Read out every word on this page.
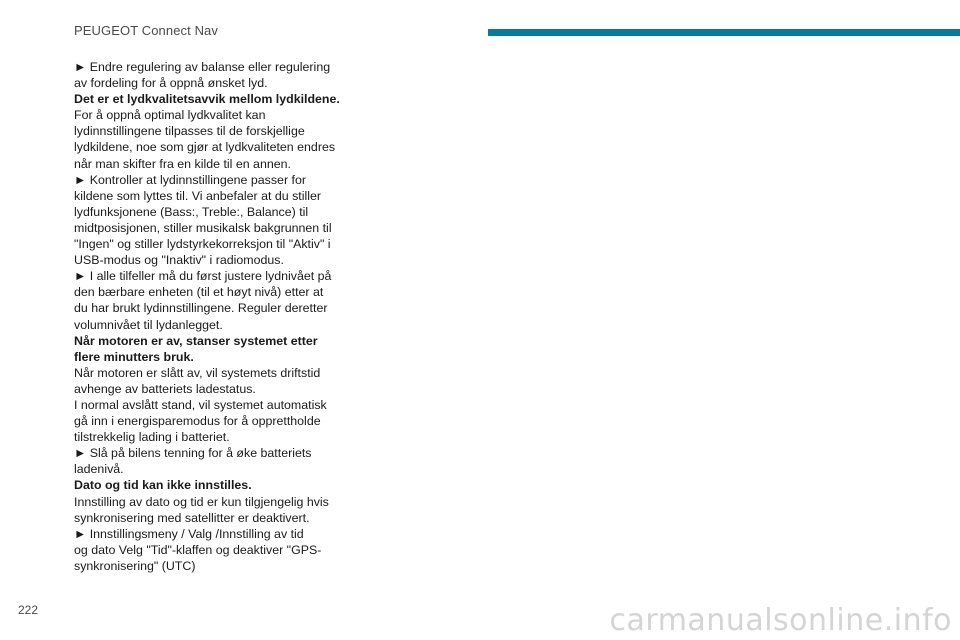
PEUGEOT Connect Nav
► Endre regulering av balanse eller regulering
av fordeling for å oppnå ønsket lyd.
Det er et lydkvalitetsavvik mellom lydkildene.
For å oppnå optimal lydkvalitet kan
lydinnstillingene tilpasses til de forskjellige
lydkildene, noe som gjør at lydkvaliteten endres
når man skifter fra en kilde til en annen.
► Kontroller at lydinnstillingene passer for
kildene som lyttes til. Vi anbefaler at du stiller
lydfunksjonene (Bass:, Treble:, Balance) til
midtposisjonen, stiller musikalsk bakgrunnen til
"Ingen" og stiller lydstyrkekorreksjon til "Aktiv" i
USB-modus og "Inaktiv" i radiomodus.
► I alle tilfeller må du først justere lydnivået på
den bærbare enheten (til et høyt nivå) etter at
du har brukt lydinnstillingene. Reguler deretter
volumnivået til lydanlegget.
Når motoren er av, stanser systemet etter
flere minutters bruk.
Når motoren er slått av, vil systemets driftstid
avhenge av batteriets ladestatus.
I normal avslått stand, vil systemet automatisk
gå inn i energisparemodus for å opprettholde
tilstrekkelig lading i batteriet.
► Slå på bilens tenning for å øke batteriets
ladenivå.
Dato og tid kan ikke innstilles.
Innstilling av dato og tid er kun tilgjengelig hvis
synkronisering med satellitter er deaktivert.
► Innstillingsmeny / Valg /Innstilling av tid
og dato Velg "Tid"-klaffen og deaktiver "GPS-
synkronisering" (UTC)
222	carmanualsonline.info
